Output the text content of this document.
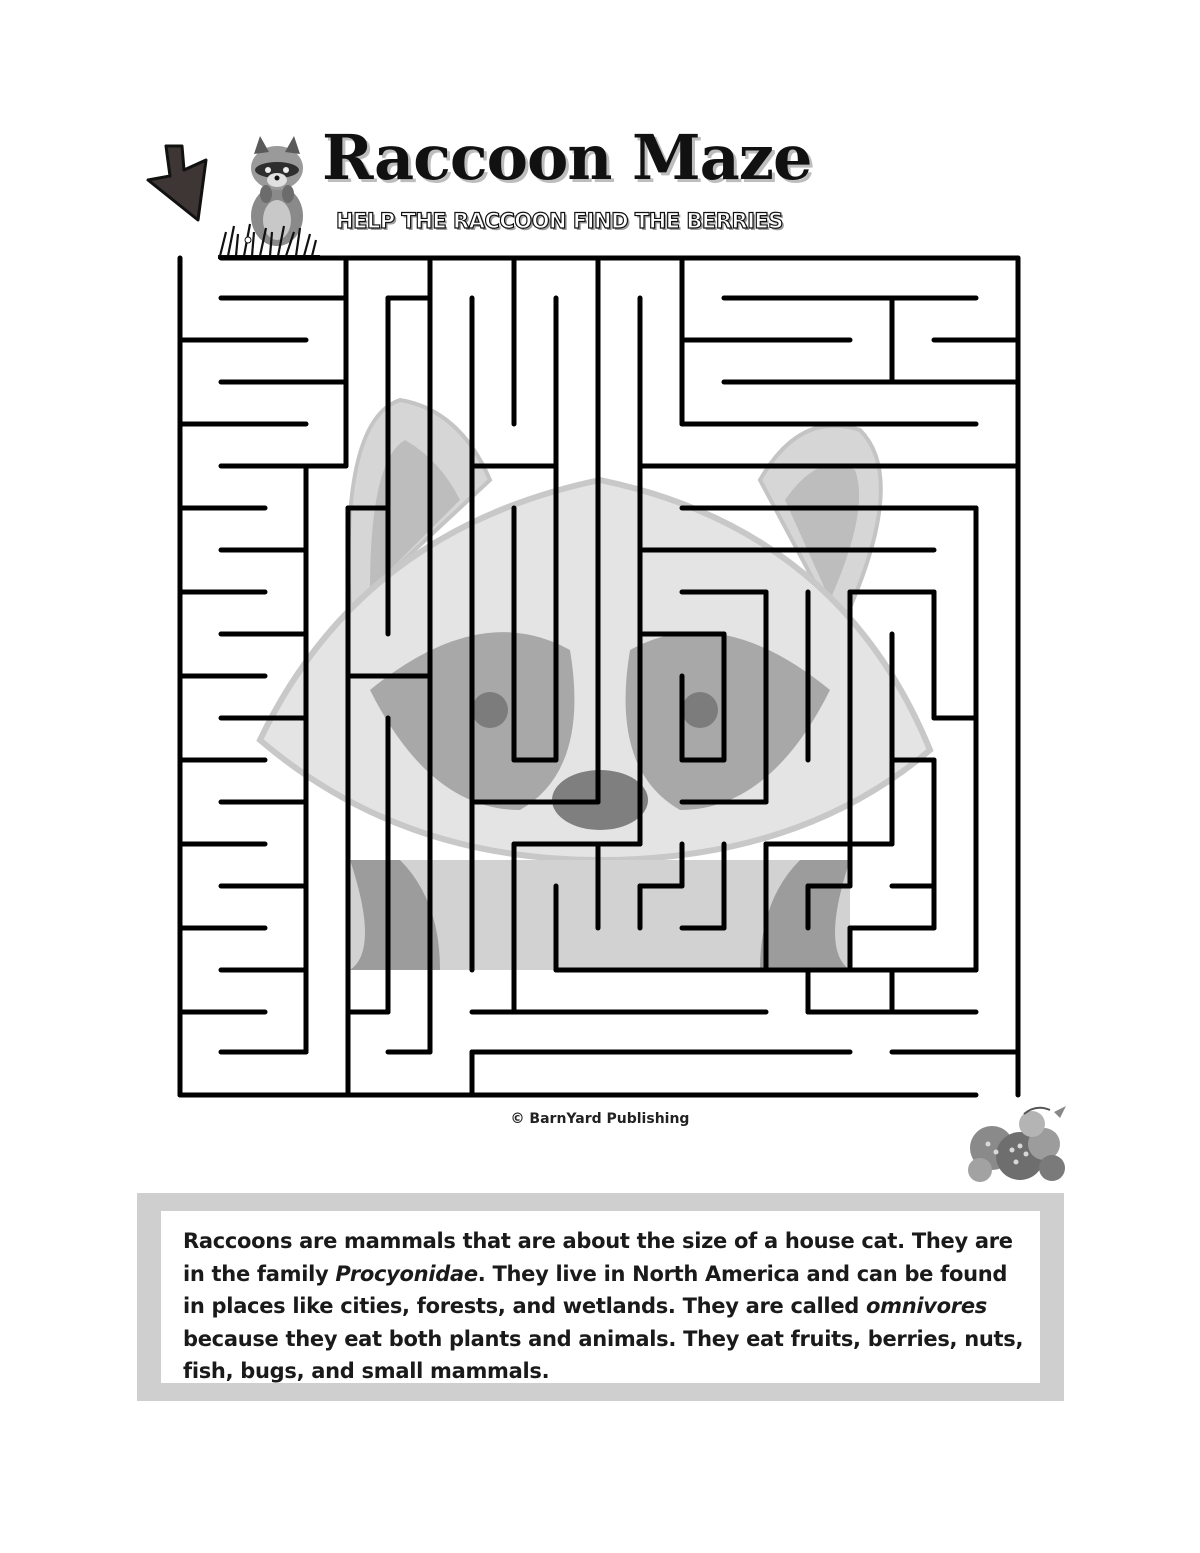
Raccoon Maze
HELP THE RACCOON FIND THE BERRIES
© BarnYard Publishing
Raccoons are mammals that are about the size of a house cat. They are in the family Procyonidae. They live in North America and can be found in places like cities, forests, and wetlands. They are called omnivores because they eat both plants and animals. They eat fruits, berries, nuts, fish, bugs, and small mammals.
